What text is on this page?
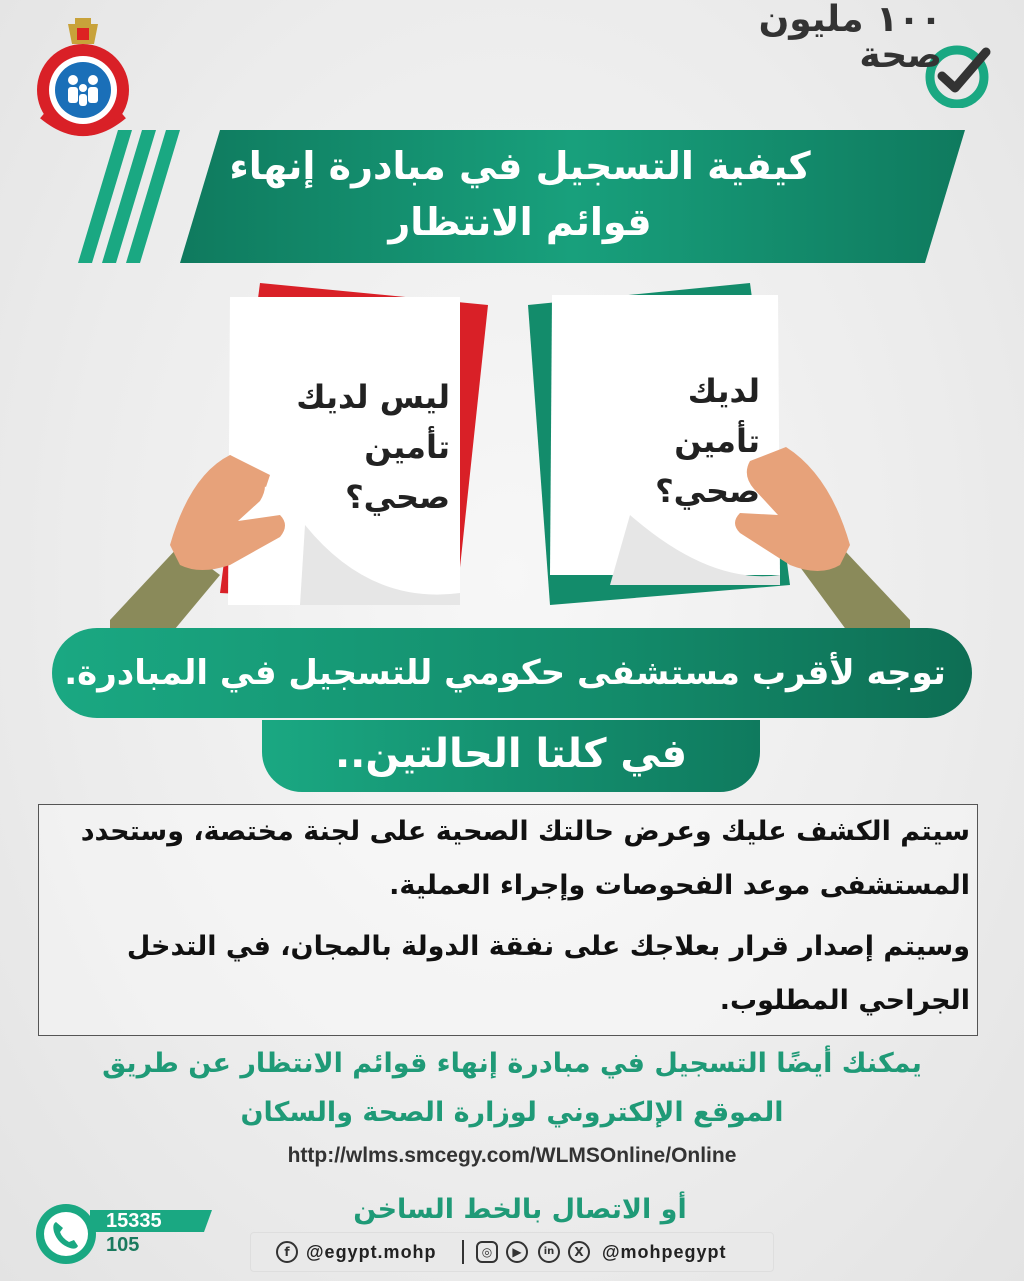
١٠٠ مليون
صحة
كيفية التسجيل في مبادرة إنهاء
قوائم الانتظار
ليس لديك
تأمين صحي؟
لديك
تأمين صحي؟
توجه لأقرب مستشفى حكومي للتسجيل في المبادرة.
في كلتا الحالتين..
سيتم الكشف عليك وعرض حالتك الصحية على لجنة مختصة، وستحدد المستشفى موعد الفحوصات وإجراء العملية.
وسيتم إصدار قرار بعلاجك على نفقة الدولة بالمجان، في التدخل الجراحي المطلوب.
يمكنك أيضًا التسجيل في مبادرة إنهاء قوائم الانتظار عن طريق
الموقع الإلكتروني لوزارة الصحة والسكان
http://wlms.smcegy.com/WLMSOnline/Online
أو الاتصال بالخط الساخن
15335
105	f @egypt.mohp	◎	▶	in	X	@mohpegypt
